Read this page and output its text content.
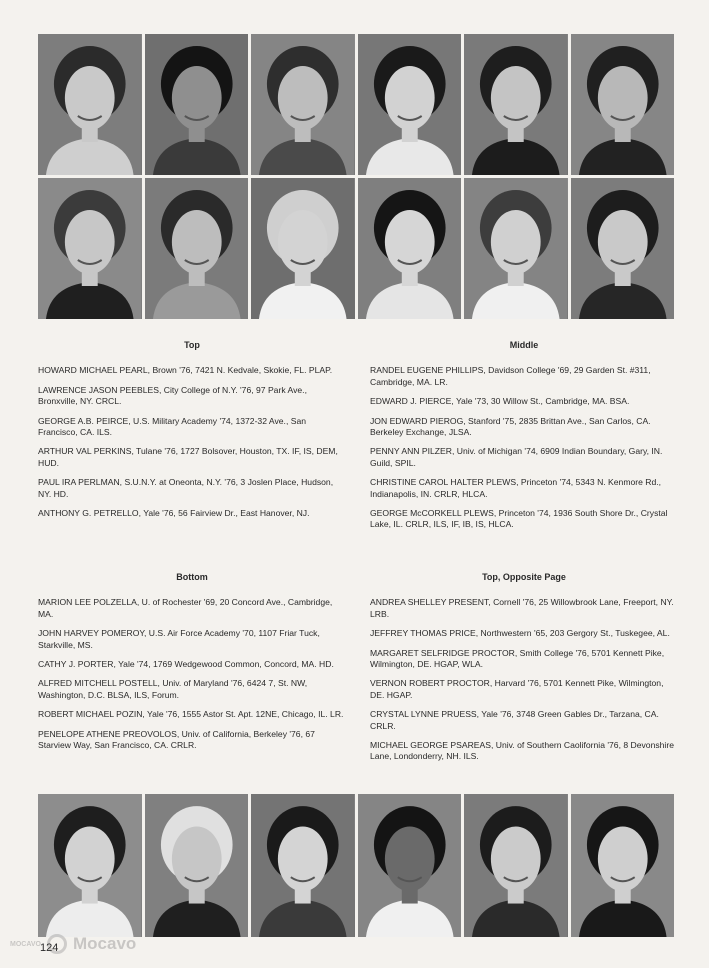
Top

HOWARD MICHAEL PEARL, Brown '76, 7421 N. Kedvale, Skokie, FL. PLAP.

LAWRENCE JASON PEEBLES, City College of N.Y. '76, 97 Park Ave., Bronxville, NY. CRCL.

GEORGE A.B. PEIRCE, U.S. Military Academy '74, 1372-32 Ave., San Francisco, CA. ILS.

ARTHUR VAL PERKINS, Tulane '76, 1727 Bolsover, Houston, TX. IF, IS, DEM, HUD.

PAUL IRA PERLMAN, S.U.N.Y. at Oneonta, N.Y. '76, 3 Joslen Place, Hudson, NY. HD.

ANTHONY G. PETRELLO, Yale '76, 56 Fairview Dr., East Hanover, NJ.

Middle

RANDEL EUGENE PHILLIPS, Davidson College '69, 29 Garden St. #311, Cambridge, MA. LR.

EDWARD J. PIERCE, Yale '73, 30 Willow St., Cambridge, MA. BSA.

JON EDWARD PIEROG, Stanford '75, 2835 Brittan Ave., San Carlos, CA. Berkeley Exchange, JLSA.

PENNY ANN PILZER, Univ. of Michigan '74, 6909 Indian Boundary, Gary, IN. Guild, SPIL.

CHRISTINE CAROL HALTER PLEWS, Princeton '74, 5343 N. Kenmore Rd., Indianapolis, IN. CRLR, HLCA.

GEORGE McCORKELL PLEWS, Princeton '74, 1936 South Shore Dr., Crystal Lake, IL. CRLR, ILS, IF, IB, IS, HLCA.

Bottom

MARION LEE POLZELLA, U. of Rochester '69, 20 Concord Ave., Cambridge, MA.

JOHN HARVEY POMEROY, U.S. Air Force Academy '70, 1107 Friar Tuck, Starkville, MS.

CATHY J. PORTER, Yale '74, 1769 Wedgewood Common, Concord, MA. HD.

ALFRED MITCHELL POSTELL, Univ. of Maryland '76, 6424 7, St. NW, Washington, D.C. BLSA, ILS, Forum.

ROBERT MICHAEL POZIN, Yale '76, 1555 Astor St. Apt. 12NE, Chicago, IL. LR.

PENELOPE ATHENE PREOVOLOS, Univ. of California, Berkeley '76, 67 Starview Way, San Francisco, CA. CRLR.

Top, Opposite Page

ANDREA SHELLEY PRESENT, Cornell '76, 25 Willowbrook Lane, Freeport, NY. LRB.

JEFFREY THOMAS PRICE, Northwestern '65, 203 Gergory St., Tuskegee, AL.

MARGARET SELFRIDGE PROCTOR, Smith College '76, 5701 Kennett Pike, Wilmington, DE. HGAP, WLA.

VERNON ROBERT PROCTOR, Harvard '76, 5701 Kennett Pike, Wilmington, DE. HGAP.

CRYSTAL LYNNE PRUESS, Yale '76, 3748 Green Gables Dr., Tarzana, CA. CRLR.

MICHAEL GEORGE PSAREAS, Univ. of Southern Caolifornia '76, 8 Devonshire Lane, Londonderry, NH. ILS.

MOCAVO Mocavo
124
